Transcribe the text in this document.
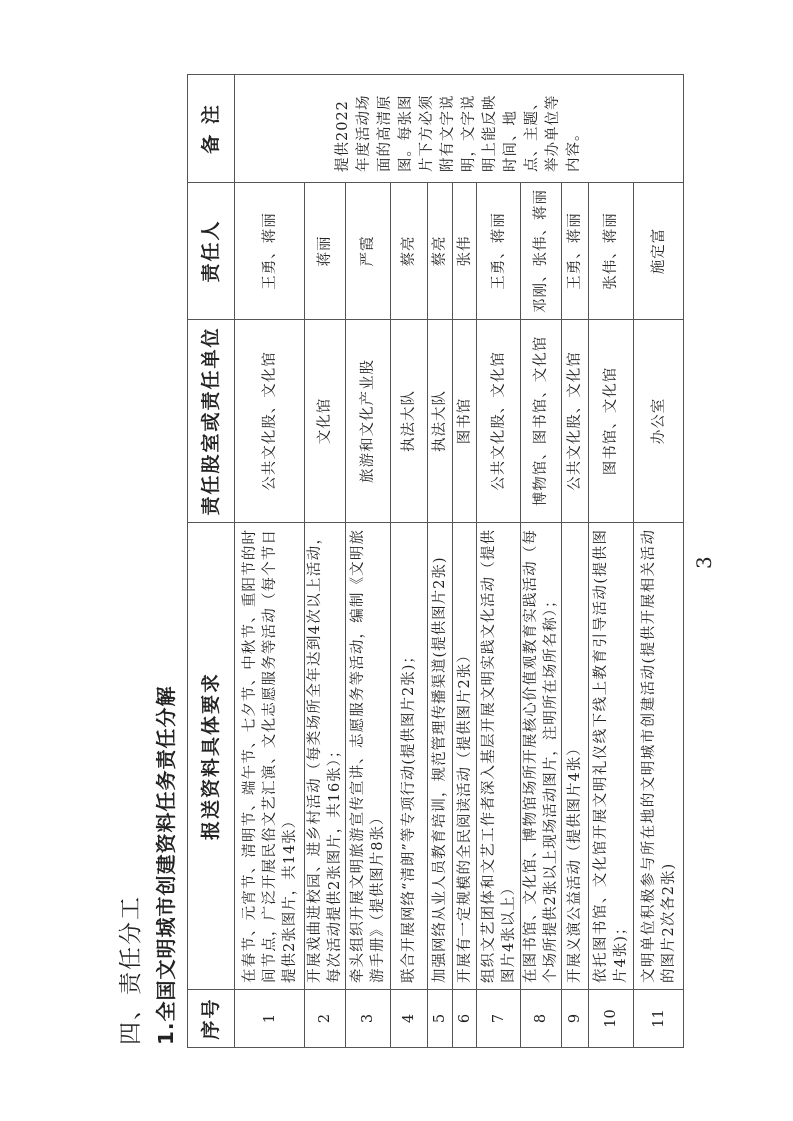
四、责任分工 1.全国文明城市创建资料任务责任分解 序号	报送资料具体要求	责任股室或责任单位	责任人	备 注
1	在春节、元宵节、清明节、端午节、七夕节、中秋节、重阳节的时间节点，广泛开展民俗文艺汇演、文化志愿服务等活动（每个节日提供2张图片，共14张）	公共文化股、文化馆	王勇、蒋丽	提供2022年度活动场面的高清原图。每张图片下方必须附有文字说明，文字说明上能反映时间、地点、主题、举办单位等内容。
2	开展戏曲进校园、进乡村活动（每类场所全年达到4次以上活动，每次活动提供2张图片，共16张）；	文化馆	蒋丽	
3	牵头组织开展文明旅游宣传宣讲、志愿服务等活动，编制《文明旅游手册》（提供图片8张）	旅游和文化产业股	严霞	
4	联合开展网络“清朗”等专项行动(提供图片2张)；	执法大队	蔡亮	
5	加强网络从业人员教育培训，规范管理传播渠道(提供图片2张)	执法大队	蔡亮	
6	开展有一定规模的全民阅读活动（提供图片2张）	图书馆	张伟	
7	组织文艺团体和文艺工作者深入基层开展文明实践文化活动（提供图片4张以上）	公共文化股、文化馆	王勇、蒋丽	
8	在图书馆、文化馆、博物馆场所开展核心价值观教育实践活动（每个场所提供2张以上现场活动图片，注明所在场所名称）；	博物馆、图书馆、文化馆	邓刚、张伟、蒋丽	
9	开展义演公益活动（提供图片4张）	公共文化股、文化馆	王勇、蒋丽	
10	依托图书馆、文化馆开展文明礼仪线下线上教育引导活动(提供图片4张)；	图书馆、文化馆	张伟、蒋丽	
11	文明单位积极参与所在地的文明城市创建活动(提供开展相关活动的图片2次各2张)	办公室	施定富	
3
